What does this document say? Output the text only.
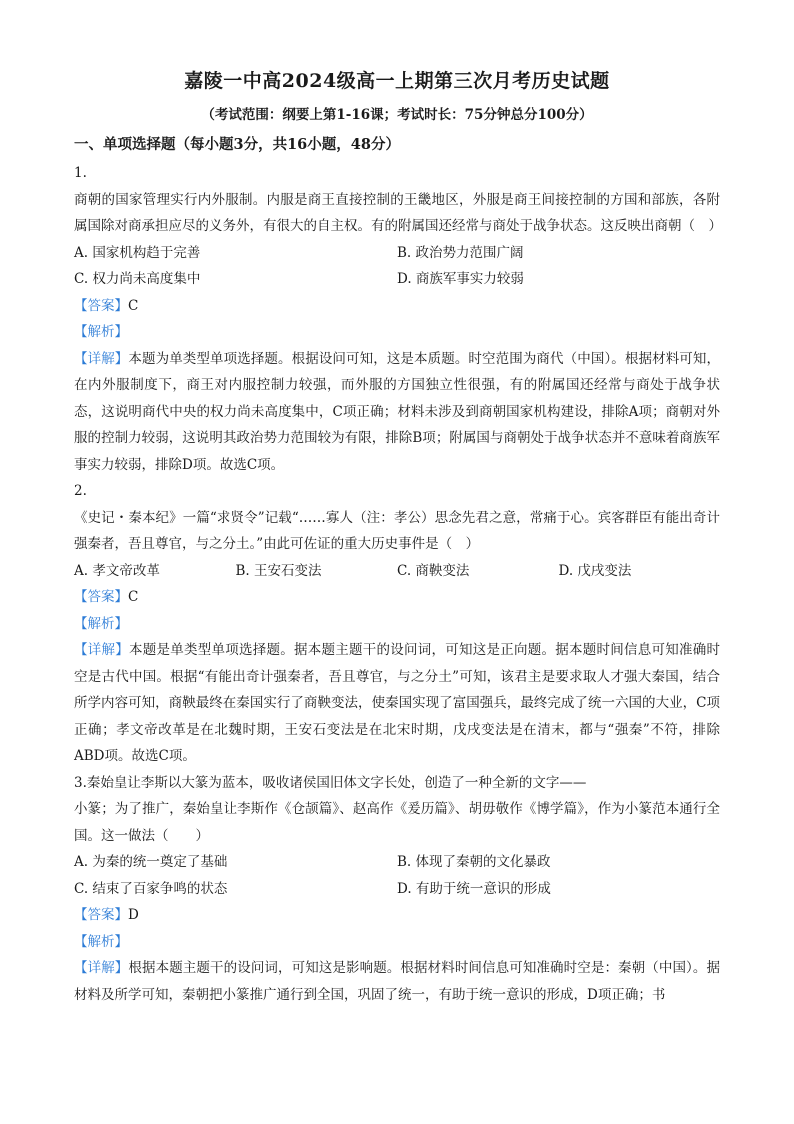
嘉陵一中高2024级高一上期第三次月考历史试题
（考试范围：纲要上第1-16课；考试时长：75分钟总分100分）
一、单项选择题（每小题3分，共16小题，48分）
1.
商朝的国家管理实行内外服制。内服是商王直接控制的王畿地区，外服是商王间接控制的方国和部族，各附属国除对商承担应尽的义务外，有很大的自主权。有的附属国还经常与商处于战争状态。这反映出商朝（　）
A. 国家机构趋于完善	B. 政治势力范围广阔
C. 权力尚未高度集中	D. 商族军事实力较弱
【答案】C
【解析】
【详解】本题为单类型单项选择题。根据设问可知，这是本质题。时空范围为商代（中国）。根据材料可知，在内外服制度下，商王对内服控制力较强，而外服的方国独立性很强，有的附属国还经常与商处于战争状态，这说明商代中央的权力尚未高度集中，C项正确；材料未涉及到商朝国家机构建设，排除A项；商朝对外服的控制力较弱，这说明其政治势力范围较为有限，排除B项；附属国与商朝处于战争状态并不意味着商族军事实力较弱，排除D项。故选C项。
2.
《史记・秦本纪》一篇“求贤令”记载“……寡人（注：孝公）思念先君之意，常痛于心。宾客群臣有能出奇计强秦者，吾且尊官，与之分土。”由此可佐证的重大历史事件是（　）
A. 孝文帝改革	B. 王安石变法	C. 商鞅变法	D. 戊戌变法
【答案】C
【解析】
【详解】本题是单类型单项选择题。据本题主题干的设问词，可知这是正向题。据本题时间信息可知准确时空是古代中国。根据“有能出奇计强秦者，吾且尊官，与之分土”可知，该君主是要求取人才强大秦国，结合所学内容可知，商鞅最终在秦国实行了商鞅变法，使秦国实现了富国强兵，最终完成了统一六国的大业，C项正确；孝文帝改革是在北魏时期，王安石变法是在北宋时期，戊戌变法是在清末，都与“强秦”不符，排除ABD项。故选C项。
3.秦始皇让李斯以大篆为蓝本，吸收诸侯国旧体文字长处，创造了一种全新的文字——
小篆；为了推广，秦始皇让李斯作《仓颉篇》、赵高作《爰历篇》、胡毋敬作《博学篇》，作为小篆范本通行全国。这一做法（　　）
A. 为秦的统一奠定了基础	B. 体现了秦朝的文化暴政
C. 结束了百家争鸣的状态	D. 有助于统一意识的形成
【答案】D
【解析】
【详解】根据本题主题干的设问词，可知这是影响题。根据材料时间信息可知准确时空是：秦朝（中国）。据材料及所学可知，秦朝把小篆推广通行到全国，巩固了统一，有助于统一意识的形成，D项正确；书
